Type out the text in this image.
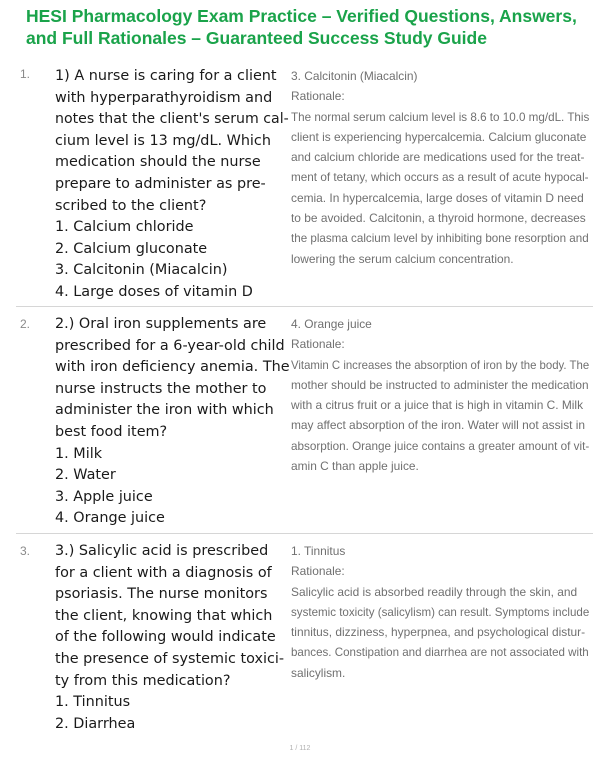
HESI Pharmacology Exam Practice – Verified Questions, Answers,
and Full Rationales – Guaranteed Success Study Guide
1. 1) A nurse is caring for a client
with hyperparathyroidism and
notes that the client's serum cal-
cium level is 13 mg/dL. Which
medication should the nurse
prepare to administer as pre-
scribed to the client?
1. Calcium chloride
2. Calcium gluconate
3. Calcitonin (Miacalcin)
4. Large doses of vitamin D
3. Calcitonin (Miacalcin)
Rationale:
The normal serum calcium level is 8.6 to 10.0 mg/dL. This
client is experiencing hypercalcemia. Calcium gluconate
and calcium chloride are medications used for the treat-
ment of tetany, which occurs as a result of acute hypocal-
cemia. In hypercalcemia, large doses of vitamin D need
to be avoided. Calcitonin, a thyroid hormone, decreases
the plasma calcium level by inhibiting bone resorption and
lowering the serum calcium concentration.
2. 2.) Oral iron supplements are
prescribed for a 6-year-old child
with iron deficiency anemia. The
nurse instructs the mother to
administer the iron with which
best food item?
1. Milk
2. Water
3. Apple juice
4. Orange juice
4. Orange juice
Rationale:
Vitamin C increases the absorption of iron by the body. The
mother should be instructed to administer the medication
with a citrus fruit or a juice that is high in vitamin C. Milk
may affect absorption of the iron. Water will not assist in
absorption. Orange juice contains a greater amount of vit-
amin C than apple juice.
3. 3.) Salicylic acid is prescribed
for a client with a diagnosis of
psoriasis. The nurse monitors
the client, knowing that which
of the following would indicate
the presence of systemic toxici-
ty from this medication?
1. Tinnitus
2. Diarrhea
1. Tinnitus
Rationale:
Salicylic acid is absorbed readily through the skin, and
systemic toxicity (salicylism) can result. Symptoms include
tinnitus, dizziness, hyperpnea, and psychological distur-
bances. Constipation and diarrhea are not associated with
salicylism.
1 / 112
